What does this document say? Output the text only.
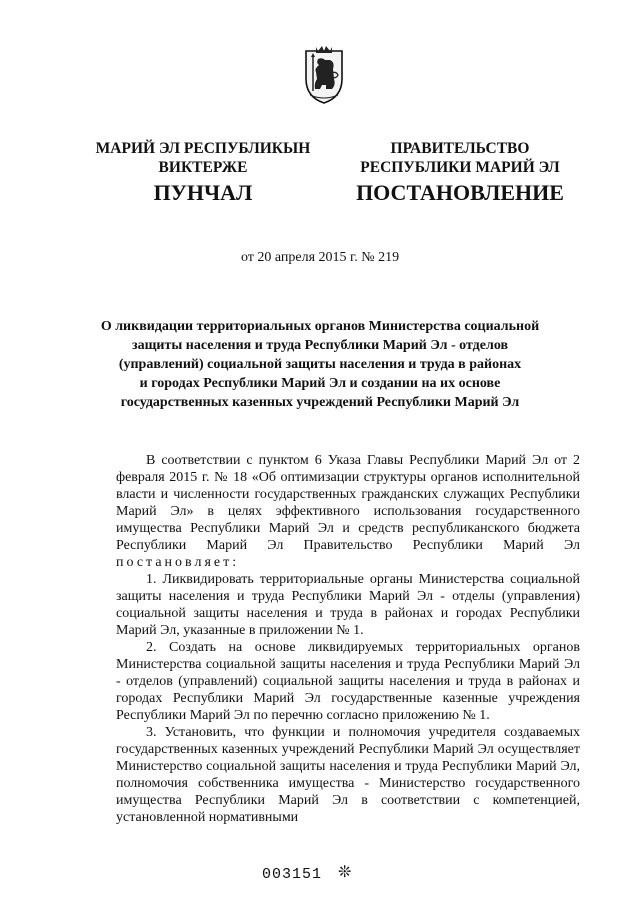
МАРИЙ ЭЛ РЕСПУБЛИКЫН
ВИКТЕРЖЕ
ПРАВИТЕЛЬСТВО
РЕСПУБЛИКИ МАРИЙ ЭЛ
ПУНЧАЛ	ПОСТАНОВЛЕНИЕ
от 20 апреля 2015 г. № 219
О ликвидации территориальных органов Министерства социальной
защиты населения и труда Республики Марий Эл - отделов
(управлений) социальной защиты населения и труда в районах
и городах Республики Марий Эл и создании на их основе
государственных казенных учреждений Республики Марий Эл

В соответствии с пунктом 6 Указа Главы Республики Марий Эл от 2 февраля 2015 г. № 18 «Об оптимизации структуры органов исполнительной власти и численности государственных гражданских служащих Республики Марий Эл» в целях эффективного использования государственного имущества Республики Марий Эл и средств республиканского бюджета Республики Марий Эл Правительство Республики Марий Эл постановляет:

1. Ликвидировать территориальные органы Министерства социальной защиты населения и труда Республики Марий Эл - отделы (управления) социальной защиты населения и труда в районах и городах Республики Марий Эл, указанные в приложении № 1.

2. Создать на основе ликвидируемых территориальных органов Министерства социальной защиты населения и труда Республики Марий Эл - отделов (управлений) социальной защиты населения и труда в районах и городах Республики Марий Эл государственные казенные учреждения Республики Марий Эл по перечню согласно приложению № 1.

3. Установить, что функции и полномочия учредителя создаваемых государственных казенных учреждений Республики Марий Эл осуществляет Министерство социальной защиты населения и труда Республики Марий Эл, полномочия собственника имущества - Министерство государственного имущества Республики Марий Эл в соответствии с компетенцией, установленной нормативными

003151 ❊
